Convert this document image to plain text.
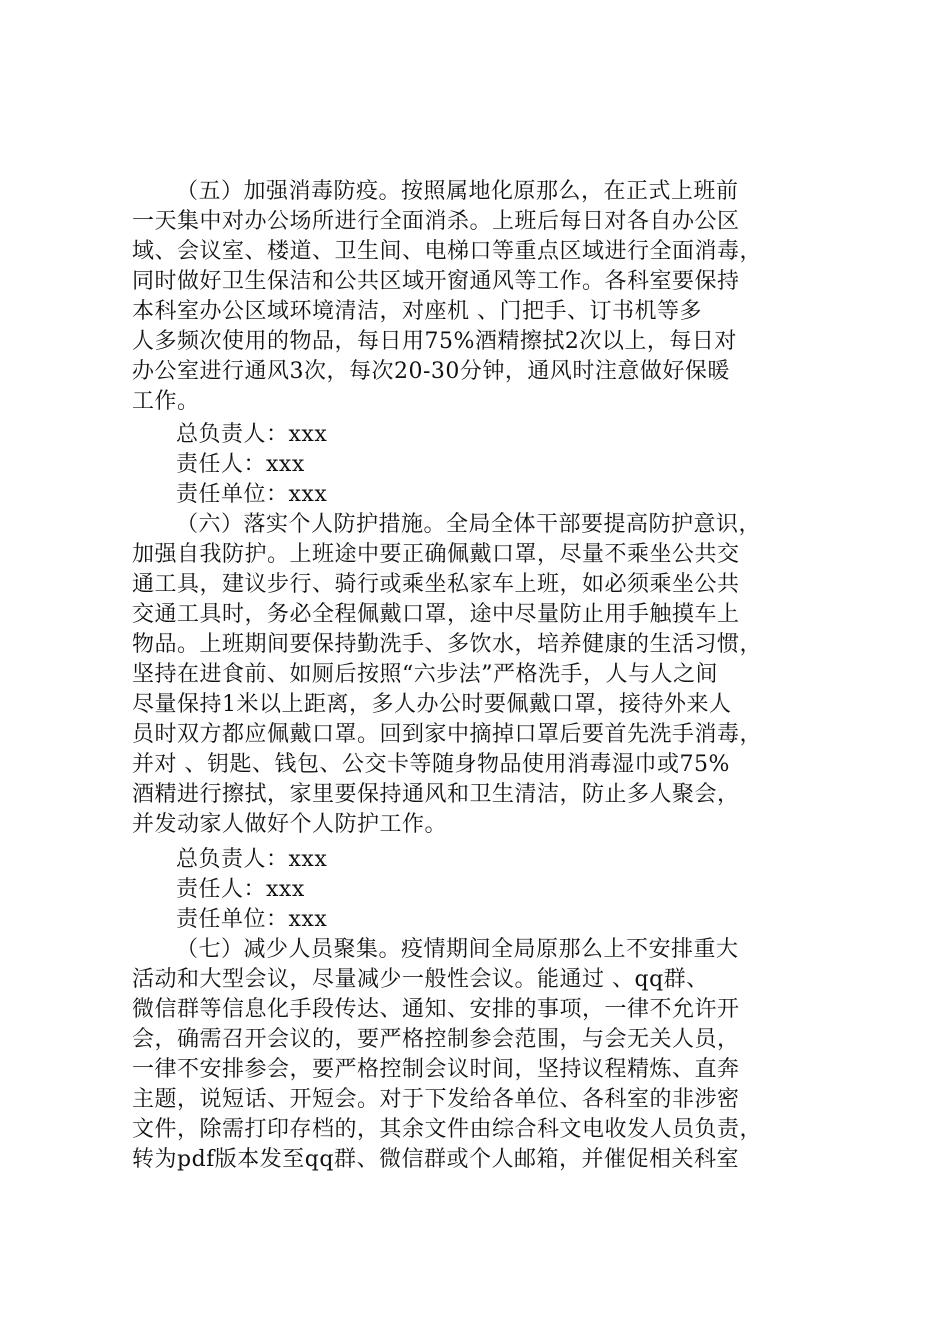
（五）加强消毒防疫。按照属地化原那么，在正式上班前
一天集中对办公场所进行全面消杀。上班后每日对各自办公区
域、会议室、楼道、卫生间、电梯口等重点区域进行全面消毒，
同时做好卫生保洁和公共区域开窗通风等工作。各科室要保持
本科室办公区域环境清洁，对座机 、门把手、订书机等多
人多频次使用的物品，每日用75%酒精擦拭2次以上，每日对
办公室进行通风3次，每次20-30分钟，通风时注意做好保暖
工作。
总负责人：xxx
责任人：xxx
责任单位：xxx
（六）落实个人防护措施。全局全体干部要提高防护意识，
加强自我防护。上班途中要正确佩戴口罩，尽量不乘坐公共交
通工具，建议步行、骑行或乘坐私家车上班，如必须乘坐公共
交通工具时，务必全程佩戴口罩，途中尽量防止用手触摸车上
物品。上班期间要保持勤洗手、多饮水，培养健康的生活习惯，
坚持在进食前、如厕后按照“六步法”严格洗手，人与人之间
尽量保持1米以上距离，多人办公时要佩戴口罩，接待外来人
员时双方都应佩戴口罩。回到家中摘掉口罩后要首先洗手消毒，
并对 、钥匙、钱包、公交卡等随身物品使用消毒湿巾或75%
酒精进行擦拭，家里要保持通风和卫生清洁，防止多人聚会，
并发动家人做好个人防护工作。
总负责人：xxx
责任人：xxx
责任单位：xxx
（七）减少人员聚集。疫情期间全局原那么上不安排重大
活动和大型会议，尽量减少一般性会议。能通过 、qq群、
微信群等信息化手段传达、通知、安排的事项，一律不允许开
会，确需召开会议的，要严格控制参会范围，与会无关人员，
一律不安排参会，要严格控制会议时间，坚持议程精炼、直奔
主题，说短话、开短会。对于下发给各单位、各科室的非涉密
文件，除需打印存档的，其余文件由综合科文电收发人员负责，
转为pdf版本发至qq群、微信群或个人邮箱，并催促相关科室
